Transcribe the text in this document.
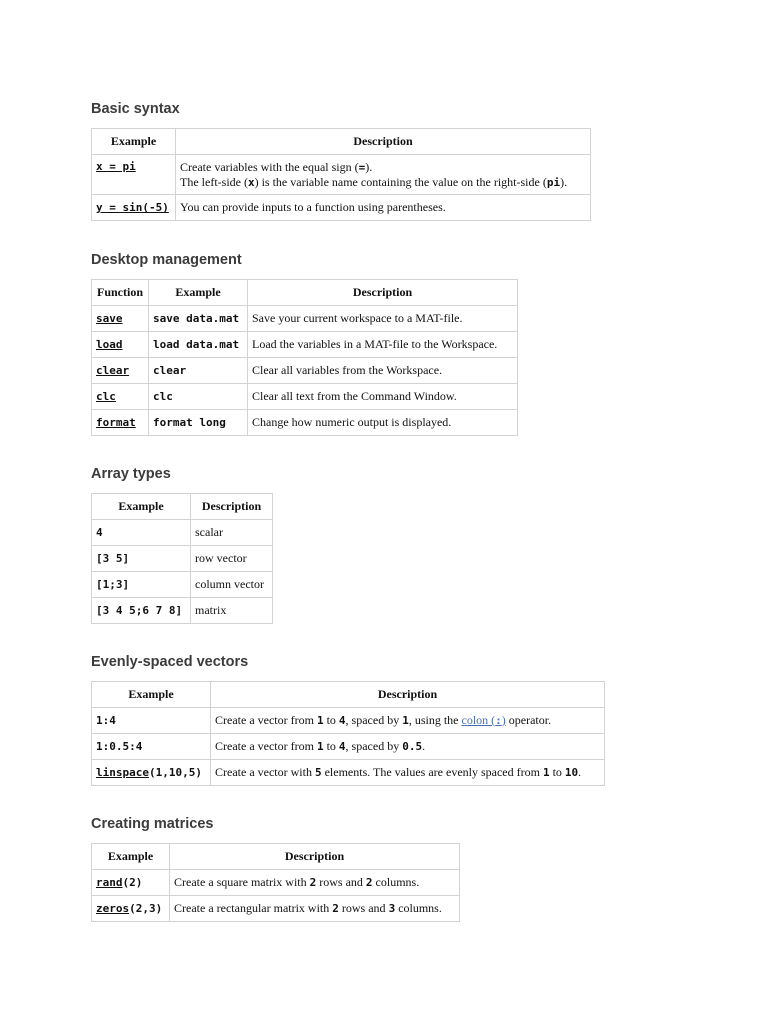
Basic syntax
Example	Description
x = pi	Create variables with the equal sign (=).
The left-side (x) is the variable name containing the value on the right-side (pi).
y = sin(-5)	You can provide inputs to a function using parentheses.
Desktop management
Function	Example	Description
save	save data.mat	Save your current workspace to a MAT-file.
load	load data.mat	Load the variables in a MAT-file to the Workspace.
clear	clear	Clear all variables from the Workspace.
clc	clc	Clear all text from the Command Window.
format	format long	Change how numeric output is displayed.
Array types
Example	Description
4	scalar
[3 5]	row vector
[1;3]	column vector
[3 4 5;6 7 8]	matrix
Evenly-spaced vectors
Example	Description
1:4	Create a vector from 1 to 4, spaced by 1, using the colon (:) operator.
1:0.5:4	Create a vector from 1 to 4, spaced by 0.5.
linspace(1,10,5)	Create a vector with 5 elements. The values are evenly spaced from 1 to 10.
Creating matrices
Example	Description
rand(2)	Create a square matrix with 2 rows and 2 columns.
zeros(2,3)	Create a rectangular matrix with 2 rows and 3 columns.
